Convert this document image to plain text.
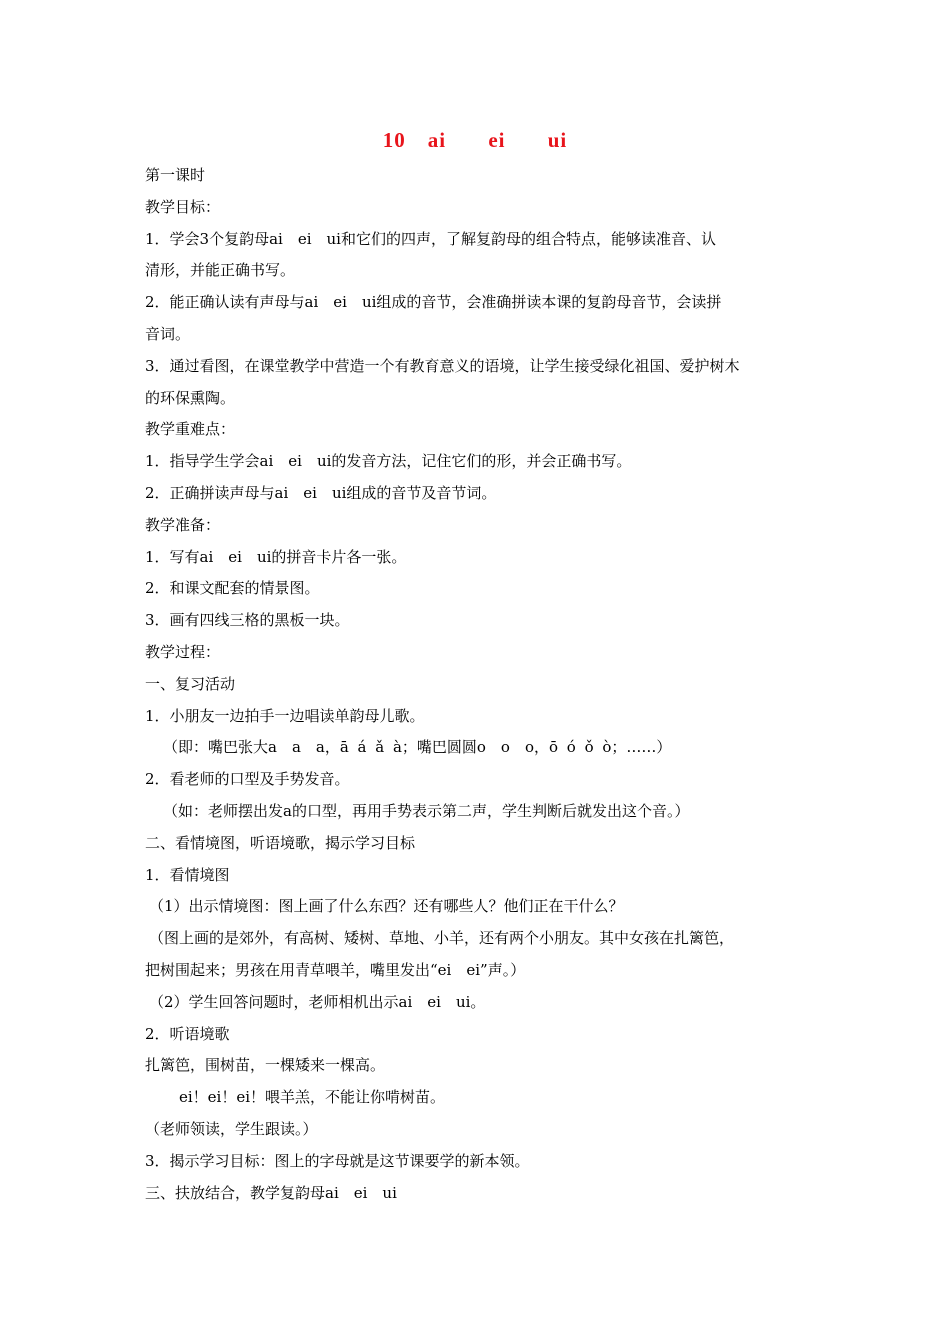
10　ai　 ei　 ui
第一课时
教学目标：
1．学会3个复韵母ai　ei　ui和它们的四声，了解复韵母的组合特点，能够读准音、认
清形，并能正确书写。
2．能正确认读有声母与ai　ei　ui组成的音节，会准确拼读本课的复韵母音节，会读拼
音词。
3．通过看图，在课堂教学中营造一个有教育意义的语境，让学生接受绿化祖国、爱护树木
的环保熏陶。
教学重难点：
1．指导学生学会ai　ei　ui的发音方法，记住它们的形，并会正确书写。
2．正确拼读声母与ai　ei　ui组成的音节及音节词。
教学准备：
1．写有ai　ei　ui的拼音卡片各一张。
2．和课文配套的情景图。
3．画有四线三格的黑板一块。
教学过程：
一、复习活动
1．小朋友一边拍手一边唱读单韵母儿歌。
（即：嘴巴张大a　a　a，ā á ǎ à；嘴巴圆圆o　o　o，ō ó ǒ ò；……）
2．看老师的口型及手势发音。
（如：老师摆出发a的口型，再用手势表示第二声，学生判断后就发出这个音。）
二、看情境图，听语境歌，揭示学习目标
1．看情境图
（1）出示情境图：图上画了什么东西？还有哪些人？他们正在干什么？
（图上画的是郊外，有高树、矮树、草地、小羊，还有两个小朋友。其中女孩在扎篱笆，
把树围起来；男孩在用青草喂羊，嘴里发出“ei　ei”声。）
（2）学生回答问题时，老师相机出示ai　ei　ui。
2．听语境歌
扎篱笆，围树苗，一棵矮来一棵高。
ei！ei！ei！喂羊羔，不能让你啃树苗。
（老师领读，学生跟读。）
3．揭示学习目标：图上的字母就是这节课要学的新本领。
三、扶放结合，教学复韵母ai　ei　ui
